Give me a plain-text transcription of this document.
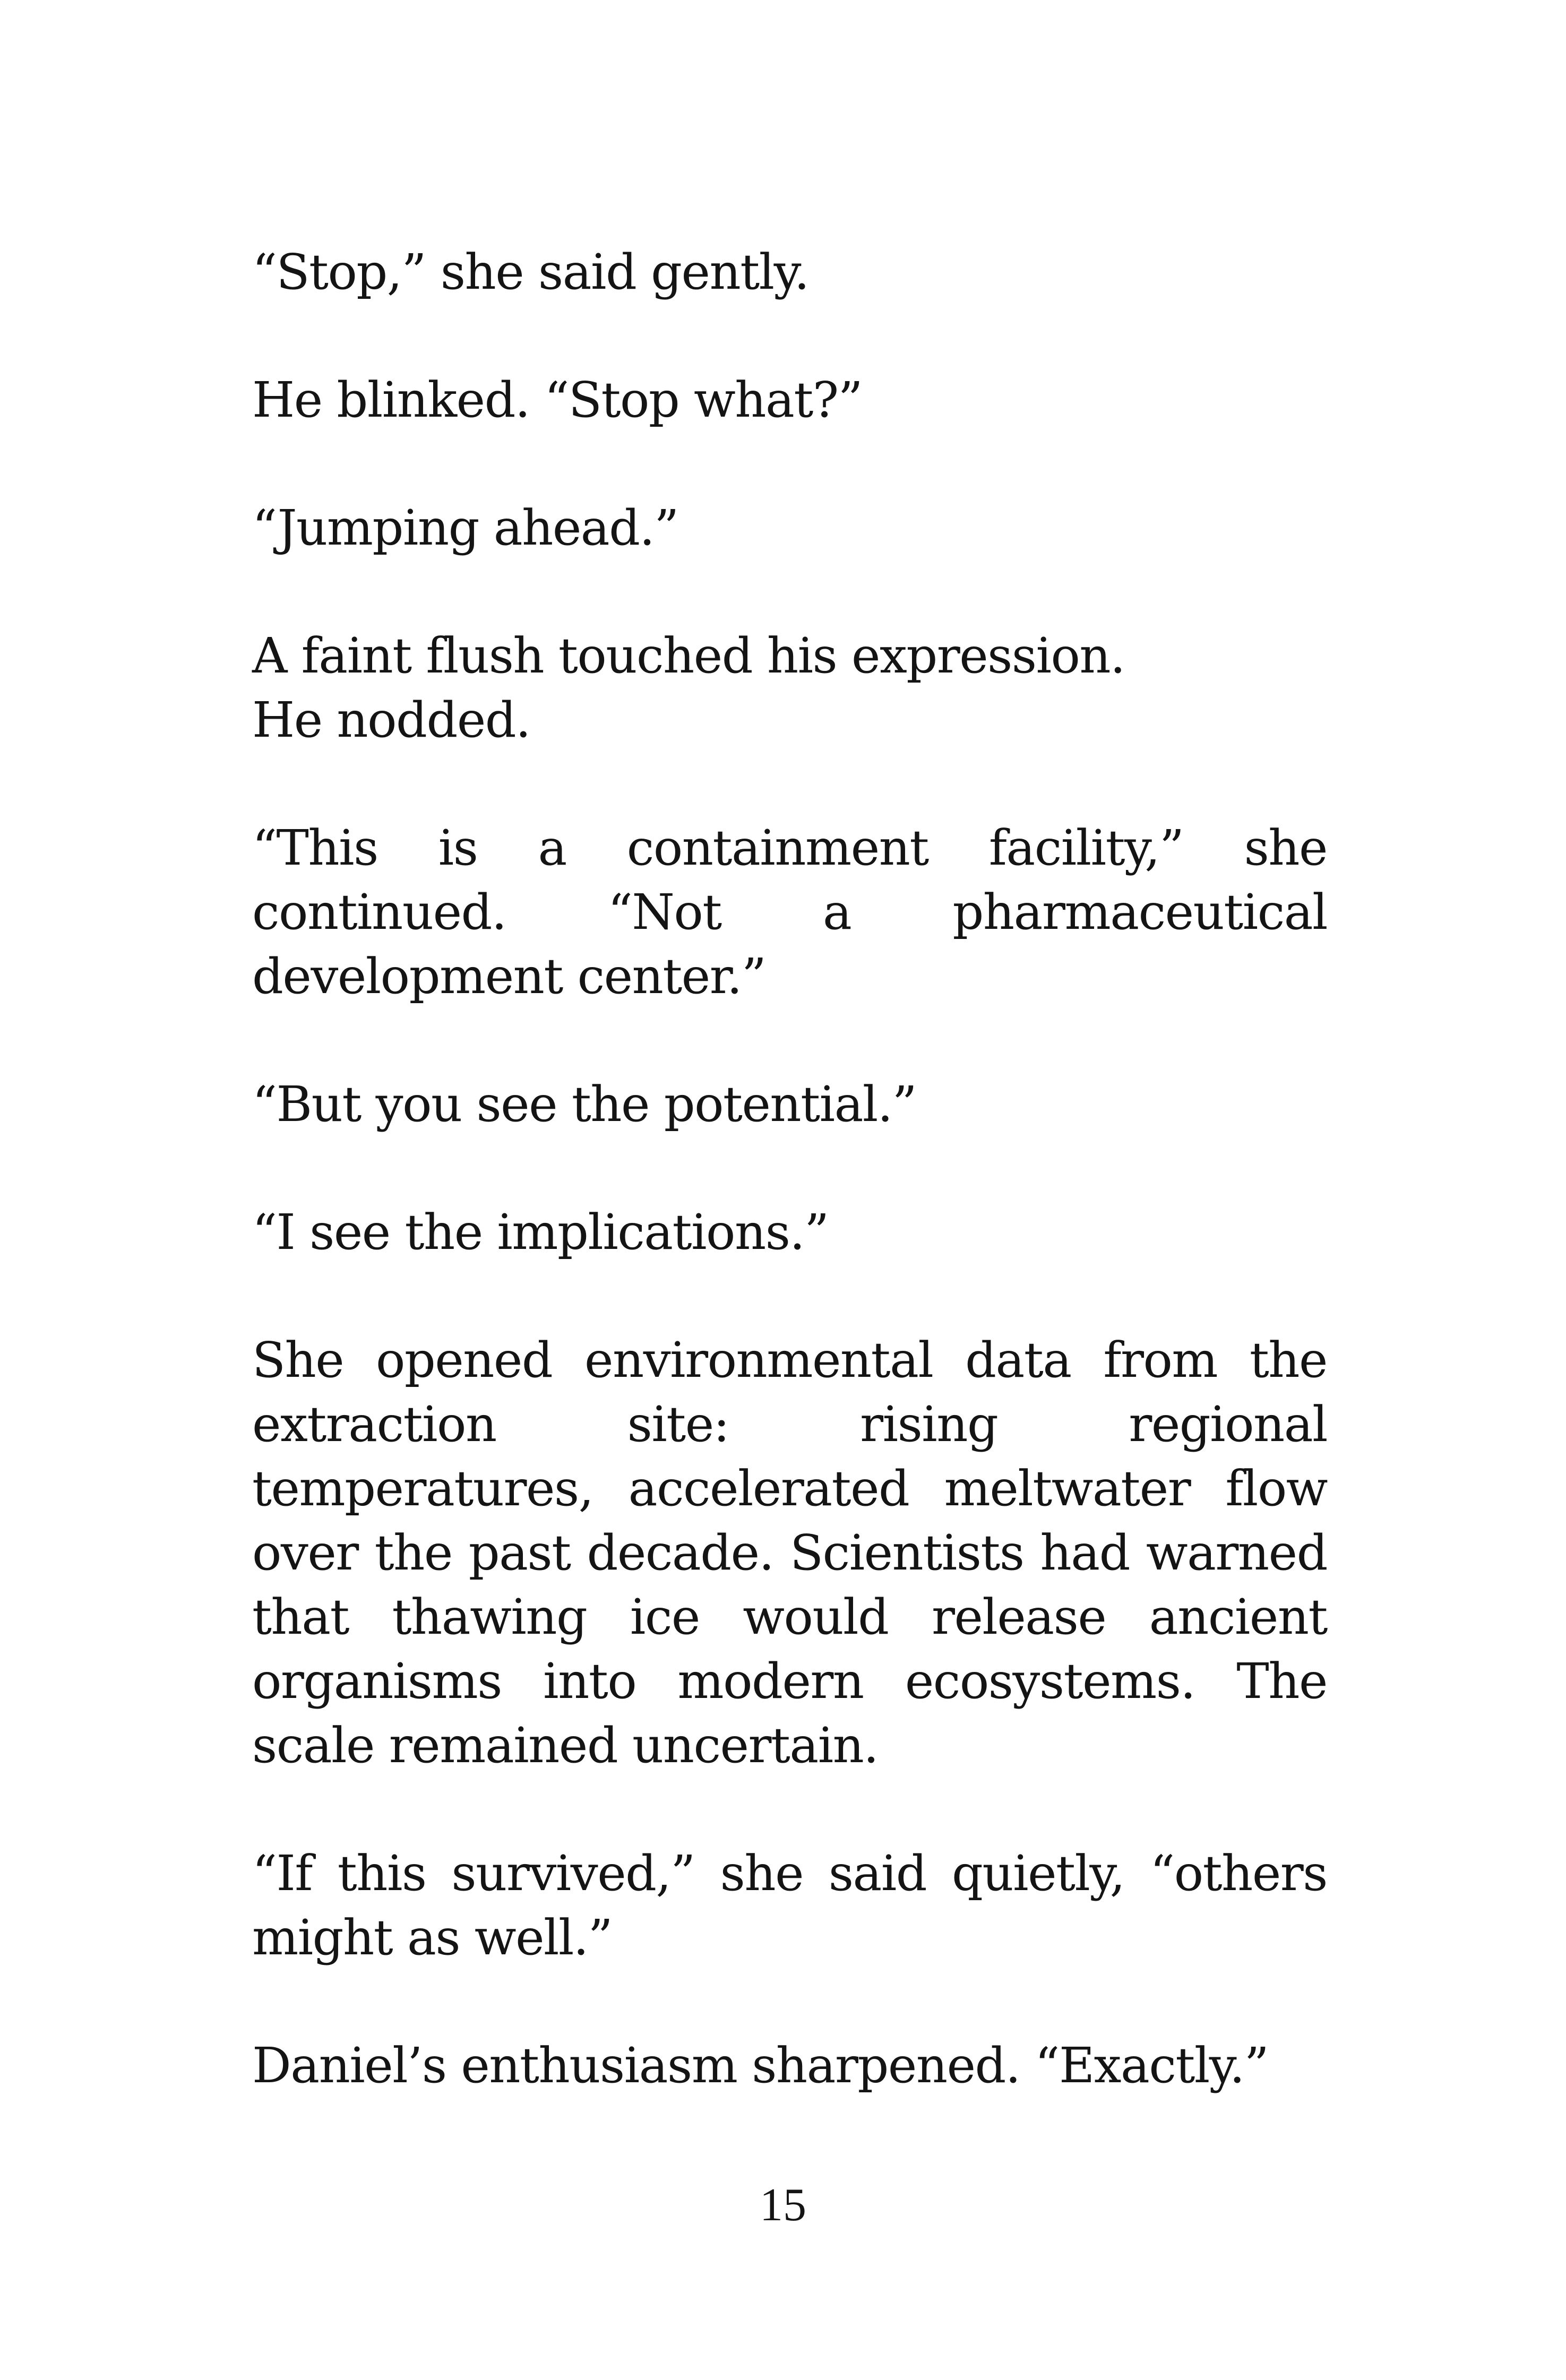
“Stop,” she said gently.

He blinked. “Stop what?”

“Jumping ahead.”

A faint flush touched his expression.
He nodded.

“This is a containment facility,” she continued. “Not a pharmaceutical development center.”

“But you see the potential.”

“I see the implications.”

She opened environmental data from the extraction site: rising regional temperatures, accelerated meltwater flow over the past decade. Scientists had warned that thawing ice would release ancient organisms into modern ecosystems. The scale remained uncertain.

“If this survived,” she said quietly, “others might as well.”

Daniel’s enthusiasm sharpened. “Exactly.”

15
